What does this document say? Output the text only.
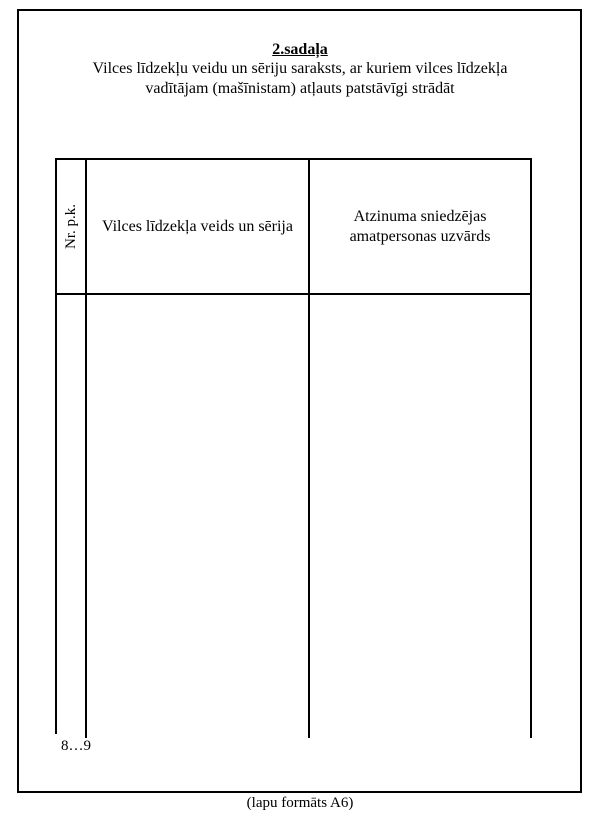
2.sadaļa
Vilces līdzekļu veidu un sēriju saraksts, ar kuriem vilces līdzekļa
vadītājam (mašīnistam) atļauts patstāvīgi strādāt
Nr. p.k. Vilces līdzekļa veids un sērija
Atzinuma sniedzējas
amatpersonas uzvārds
8…9
(lapu formāts A6)
